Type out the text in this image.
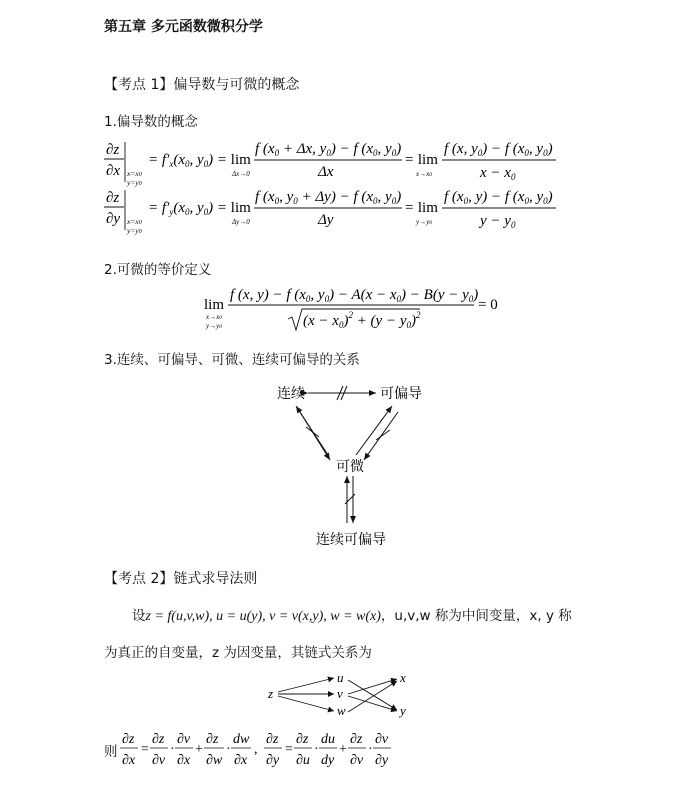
第五章 多元函数微积分学
【考点 1】偏导数与可微的概念
1.偏导数的概念
∂z
∂x x=x0
y=y0
= $f'_x(x_0$, $y_0) = \lim$
Δx→0
f ($x_0 + \Delta x$, $y_0) - f$ ($x_0$, $y_0$)
Δx
= lim
x→x0
f (x, $y_0) - f$ ($x_0$, $y_0$)
$x - x_0$
∂z
∂y x=x0
y=y0
= $f'_y(x_0$, $y_0) = \lim$
Δy→0
f ($x_0$, $y_0 + \Delta y) - f$ ($x_0$, $y_0$)
Δy
= lim
y→y0
f ($x_0$, y) − f ($x_0$, $y_0$)
$y - y_0$
2.可微的等价定义
lim
x→x0
y→y0
f (x, y) − f ($x_0$, $y_0) - A(x - x_0) - B(y - y_0)$
$(x - x_0)^2 + (y - y_0)^2$
= 0
3.连续、可偏导、可微、连续可偏导的关系
连续	可偏导
可微
连续可偏导
【考点 2】链式求导法则
设z = f(u,v,w), u = u(y), v = v(x,y), w = w(x)，u,v,w 称为中间变量，x, y 称
为真正的自变量，z 为因变量，其链式关系为
z
u
v
w
x
y
则
∂z
∂x
=
∂z
∂v
·
∂v
∂x
+
∂z
∂w
·
dw
∂x
,
∂z
∂y
=
∂z
∂u
·
du
dy
+
∂z
∂v
·
∂v
∂y
